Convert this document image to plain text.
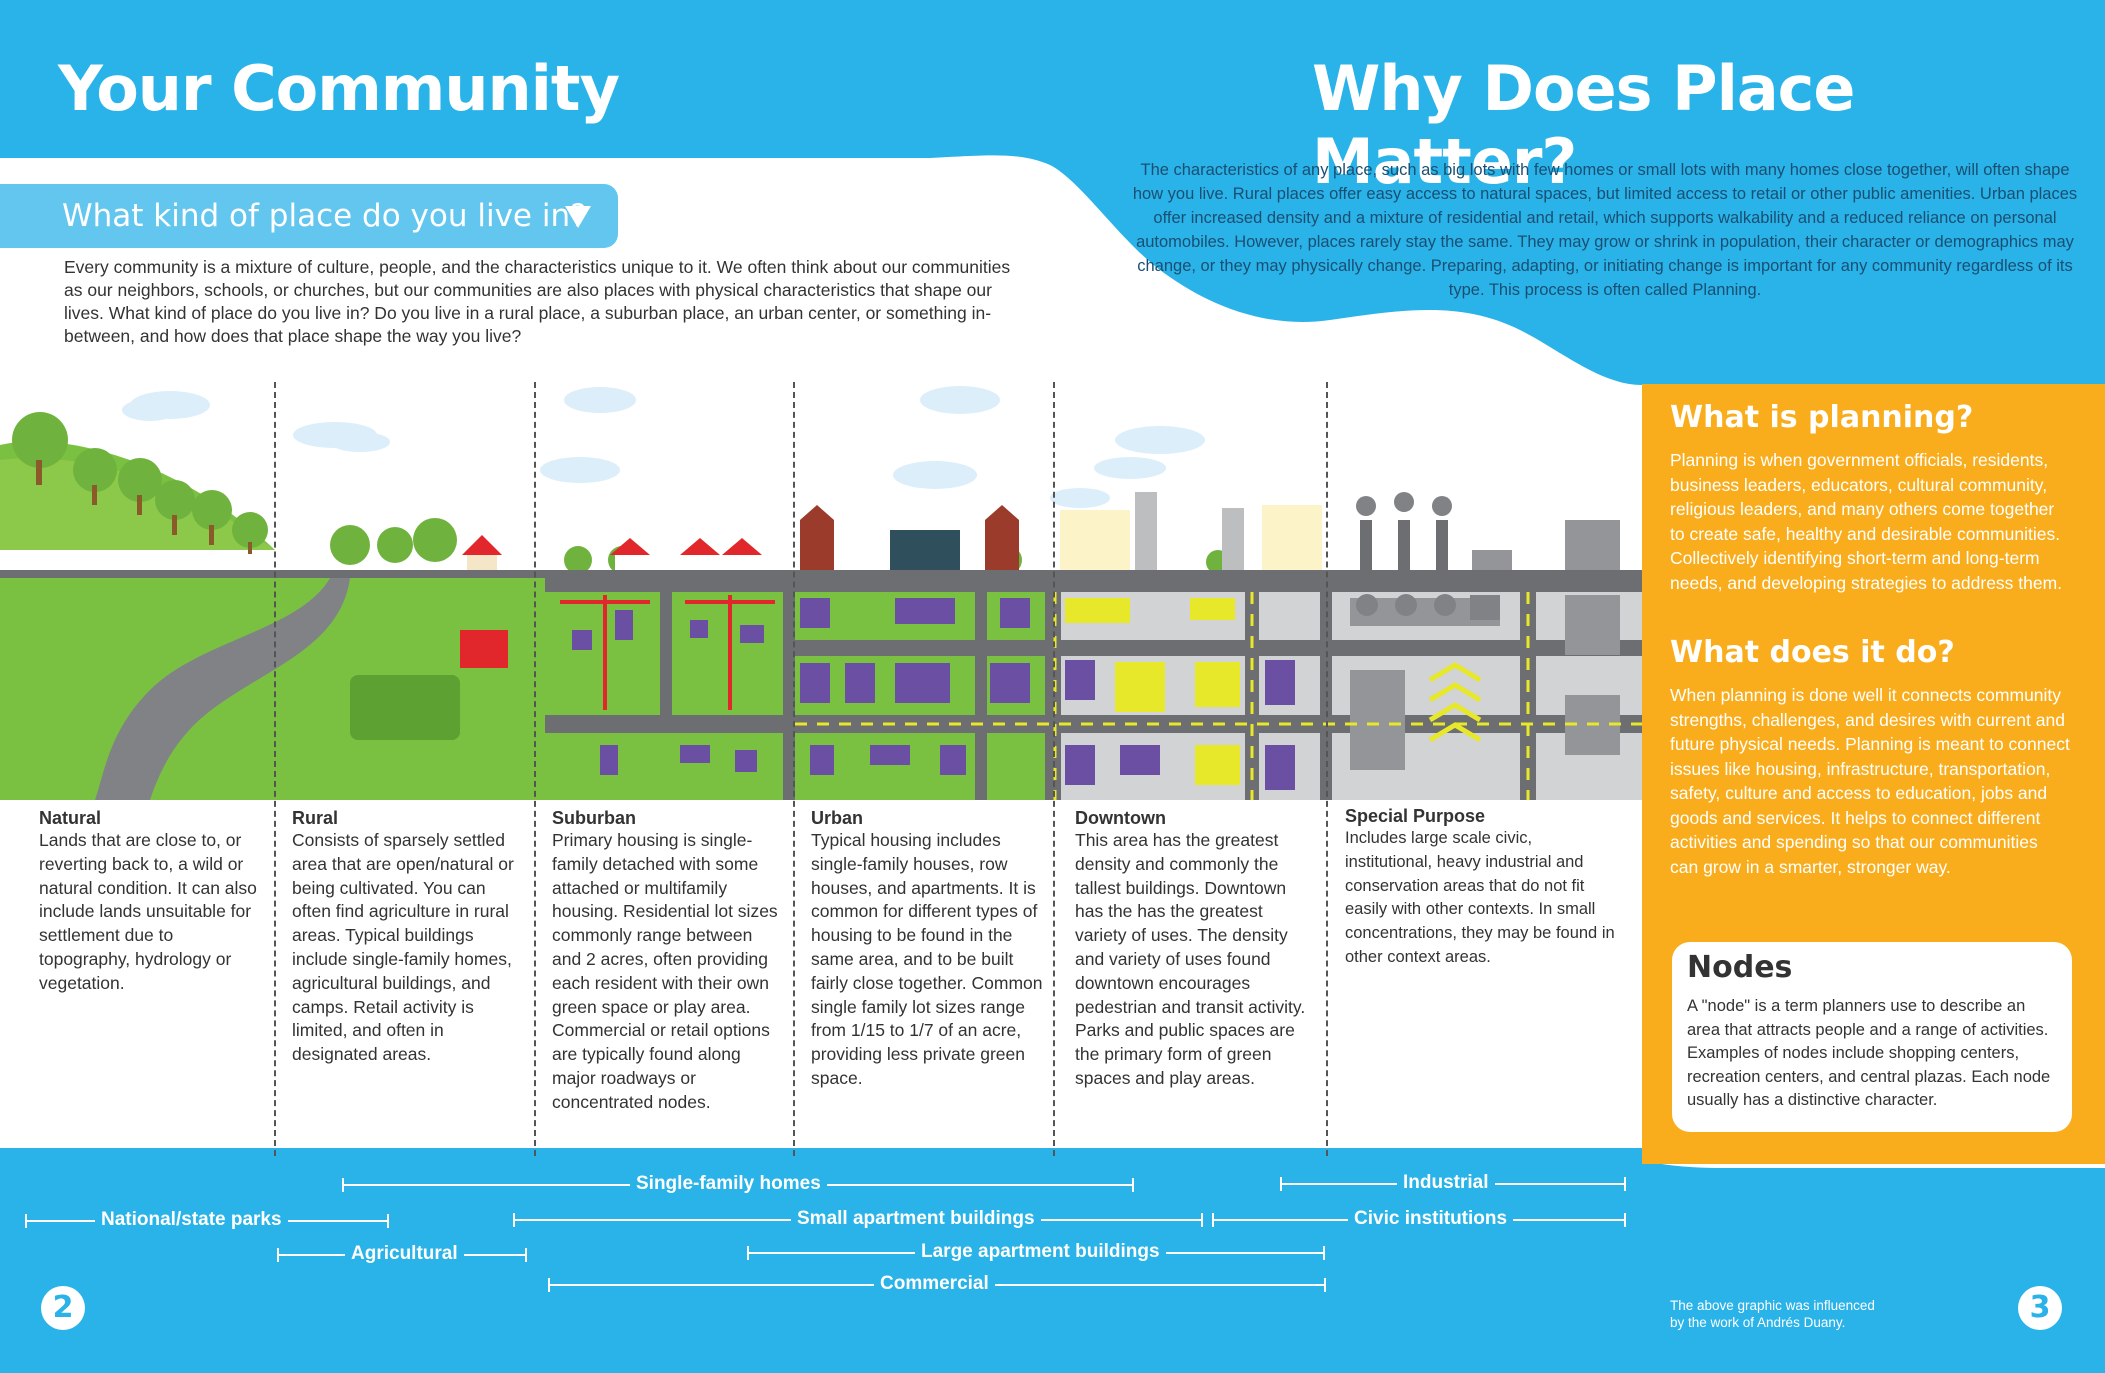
Your Community	Why Does Place Matter?
What kind of place do you live in?
Every community is a mixture of culture, people, and the characteristics unique to it. We often think about our communities as our neighbors, schools, or churches, but our communities are also places with physical characteristics that shape our lives. What kind of place do you live in? Do you live in a rural place, a suburban place, an urban center, or something in-between, and how does that place shape the way you live?
The characteristics of any place, such as big lots with few homes or small lots with many homes close together, will often shape how you live. Rural places offer easy access to natural spaces, but limited access to retail or other public amenities. Urban places offer increased density and a mixture of residential and retail, which supports walkability and a reduced reliance on personal automobiles. However, places rarely stay the same. They may grow or shrink in population, their character or demographics may change, or they may physically change. Preparing, adapting, or initiating change is important for any community regardless of its type. This process is often called Planning.
Natural
Lands that are close to, or reverting back to, a wild or natural condition. It can also include lands unsuitable for settlement due to topography, hydrology or vegetation.
Rural
Consists of sparsely settled area that are open/natural or being cultivated. You can often find agriculture in rural areas. Typical buildings include single-family homes, agricultural buildings, and camps. Retail activity is limited, and often in designated areas.
Suburban
Primary housing is single-family detached with some attached or multifamily housing. Residential lot sizes commonly range between and 2 acres, often providing each resident with their own green space or play area. Commercial or retail options are typically found along major roadways or concentrated nodes.
Urban
Typical housing includes single-family houses, row houses, and apartments. It is common for different types of housing to be found in the same area, and to be built fairly close together. Common single family lot sizes range from 1/15 to 1/7 of an acre, providing less private green space.
Downtown
This area has the greatest density and commonly the tallest buildings. Downtown has the has the greatest variety of uses. The density and variety of uses found downtown encourages pedestrian and transit activity. Parks and public spaces are the primary form of green spaces and play areas.
Special Purpose
Includes large scale civic, institutional, heavy industrial and conservation areas that do not fit easily with other contexts. In small concentrations, they may be found in other context areas.
What is planning?
Planning is when government officials, residents, business leaders, educators, cultural community, religious leaders, and many others come together to create safe, healthy and desirable communities. Collectively identifying short-term and long-term needs, and developing strategies to address them.
What does it do?
When planning is done well it connects community strengths, challenges, and desires with current and future physical needs. Planning is meant to connect issues like housing, infrastructure, transportation, safety, culture and access to education, jobs and goods and services. It helps to connect different activities and spending so that our communities can grow in a smarter, stronger way.
Nodes
A "node" is a term planners use to describe an area that attracts people and a range of activities. Examples of nodes include shopping centers, recreation centers, and central plazas. Each node usually has a distinctive character.
Single-family homes	Industrial
National/state parks	Small apartment buildings	Civic institutions
Agricultural	Large apartment buildings
Commercial
2	3
The above graphic was influenced by the work of Andrés Duany.
